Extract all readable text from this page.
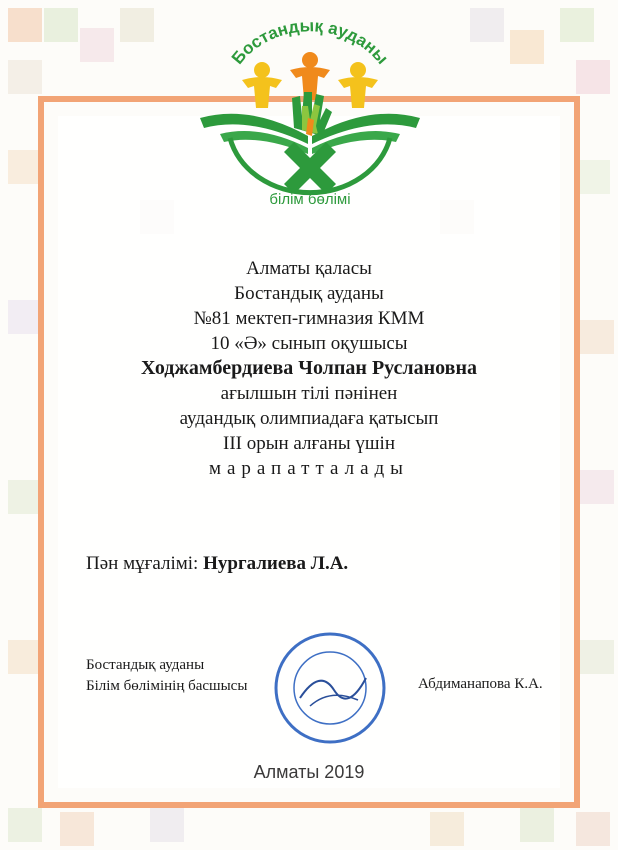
Бостандық ауданы
білім бөлімі
Алматы қаласы
Бостандық ауданы
№81 мектеп-гимназия КММ
10 «Ә» сынып оқушысы
Ходжамбердиева Чолпан Руслановна
ағылшын тілі пәнінен
аудандық олимпиадаға қатысып
ІІІ орын алғаны үшін
марапатталады
Пән мұғалімі: Нургалиева Л.А.
Бостандық ауданы
Білім бөлімінің басшысы	Абдиманапова К.А.
Алматы 2019
